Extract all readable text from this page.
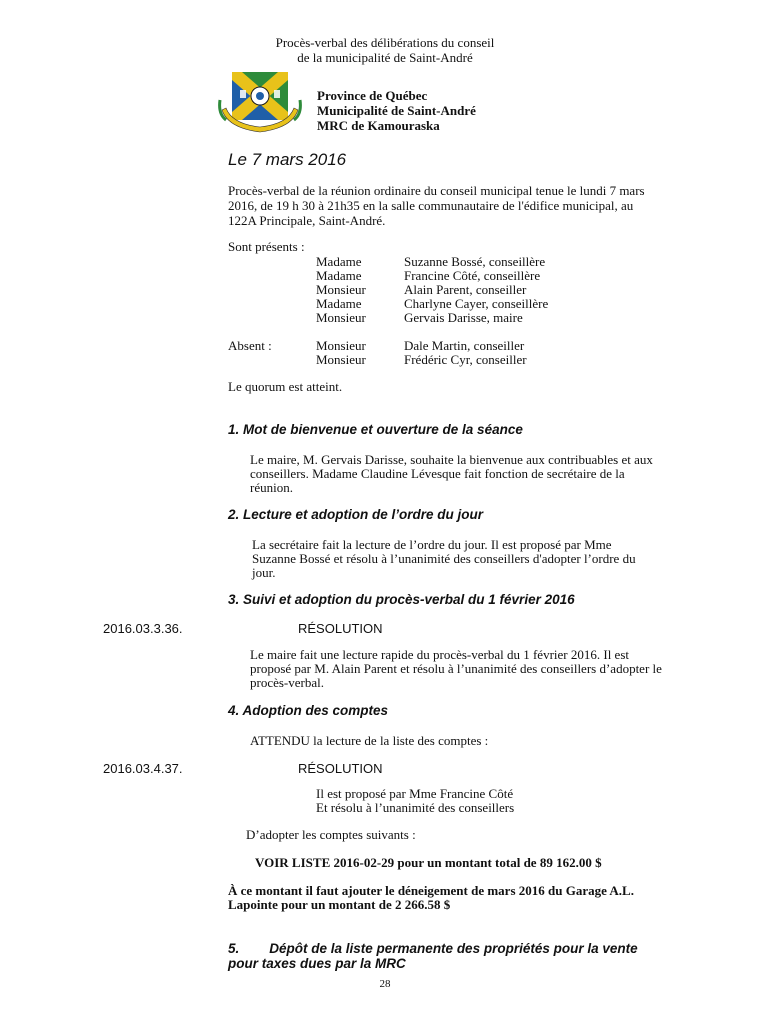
Procès-verbal des délibérations du conseil
de la municipalité de Saint-André
Province de Québec
Municipalité de Saint-André
MRC de Kamouraska
Le 7 mars 2016
Procès-verbal de la réunion ordinaire du conseil municipal tenue le lundi 7 mars
2016, de 19 h 30 à 21h35 en la salle communautaire de l'édifice municipal, au
122A Principale, Saint-André.
Sont présents :
Madame	Suzanne Bossé, conseillère
Madame	Francine Côté, conseillère
Monsieur	Alain Parent, conseiller
Madame	Charlyne Cayer, conseillère
Monsieur	Gervais Darisse, maire
Absent :	Monsieur	Dale Martin, conseiller
Monsieur	Frédéric Cyr, conseiller
Le quorum est atteint.
1. Mot de bienvenue et ouverture de la séance
Le maire, M. Gervais Darisse, souhaite la bienvenue aux contribuables et aux
conseillers. Madame Claudine Lévesque fait fonction de secrétaire de la
réunion.
2. Lecture et adoption de l’ordre du jour
La secrétaire fait la lecture de l’ordre du jour. Il est proposé par Mme
Suzanne Bossé et résolu à l’unanimité des conseillers d'adopter l’ordre du
jour.
3. Suivi et adoption du procès-verbal du 1 février 2016
2016.03.3.36.	RÉSOLUTION
Le maire fait une lecture rapide du procès-verbal du 1 février 2016. Il est
proposé par M. Alain Parent et résolu à l’unanimité des conseillers d’adopter le
procès-verbal.
4. Adoption des comptes
ATTENDU la lecture de la liste des comptes :
2016.03.4.37.	RÉSOLUTION
Il est proposé par Mme Francine Côté
Et résolu à l’unanimité des conseillers
D’adopter les comptes suivants :
VOIR LISTE 2016-02-29 pour un montant total de 89 162.00 $
À ce montant il faut ajouter le déneigement de mars 2016 du Garage A.L.
Lapointe pour un montant de 2 266.58 $
5.        Dépôt de la liste permanente des propriétés pour la vente
pour taxes dues par la MRC
28
